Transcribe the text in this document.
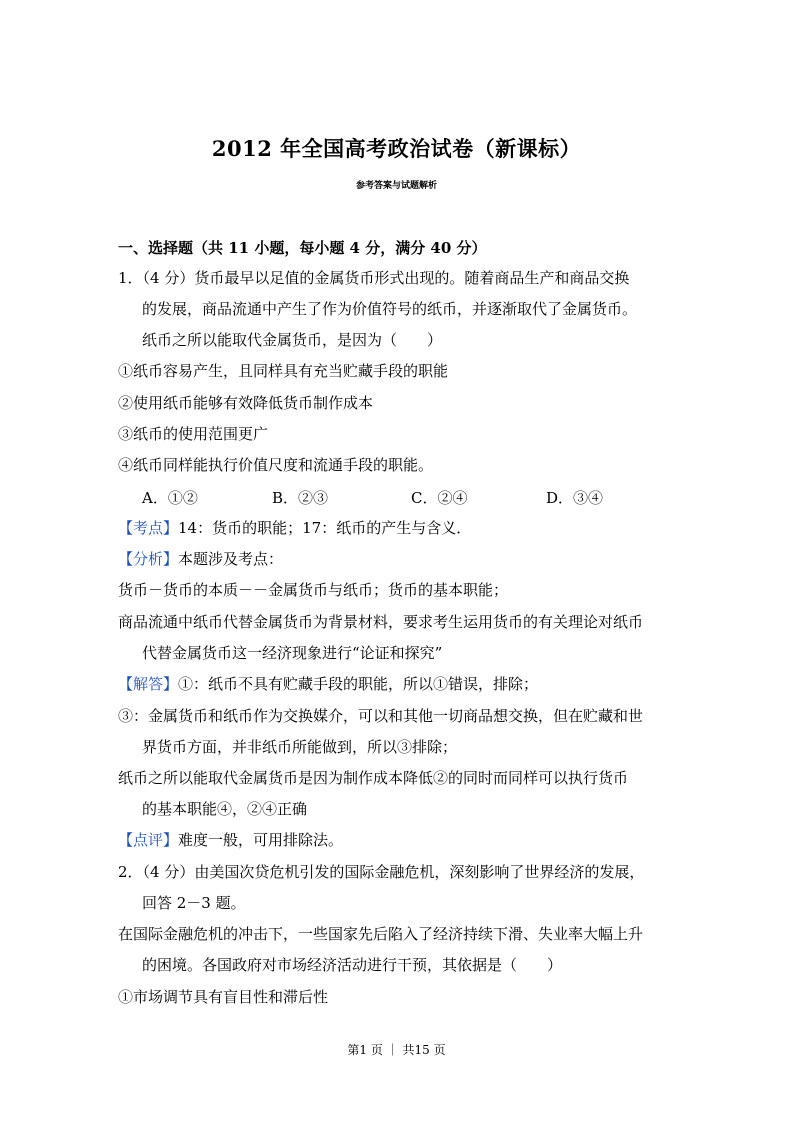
2012 年全国高考政治试卷（新课标）
参考答案与试题解析
一、选择题（共 11 小题，每小题 4 分，满分 40 分）
1．（4 分）货币最早以足值的金属货币形式出现的。随着商品生产和商品交换
的发展，商品流通中产生了作为价值符号的纸币，并逐渐取代了金属货币。
纸币之所以能取代金属货币，是因为（　　）
①纸币容易产生，且同样具有充当贮藏手段的职能
②使用纸币能够有效降低货币制作成本
③纸币的使用范围更广
④纸币同样能执行价值尺度和流通手段的职能。
A．①②	B．②③	C．②④	D．③④
【考点】14：货币的职能；17：纸币的产生与含义．
【分析】本题涉及考点：
货币－货币的本质－－金属货币与纸币；货币的基本职能；
商品流通中纸币代替金属货币为背景材料，要求考生运用货币的有关理论对纸币
代替金属货币这一经济现象进行“论证和探究”
【解答】①：纸币不具有贮藏手段的职能，所以①错误，排除；
③：金属货币和纸币作为交换媒介，可以和其他一切商品想交换，但在贮藏和世
界货币方面，并非纸币所能做到，所以③排除；
纸币之所以能取代金属货币是因为制作成本降低②的同时而同样可以执行货币
的基本职能④，②④正确
【点评】难度一般，可用排除法。
2．（4 分）由美国次贷危机引发的国际金融危机，深刻影响了世界经济的发展，
回答 2－3 题。
在国际金融危机的冲击下，一些国家先后陷入了经济持续下滑、失业率大幅上升
的困境。各国政府对市场经济活动进行干预，其依据是（　　）
①市场调节具有盲目性和滞后性
第1 页 ｜ 共15 页
